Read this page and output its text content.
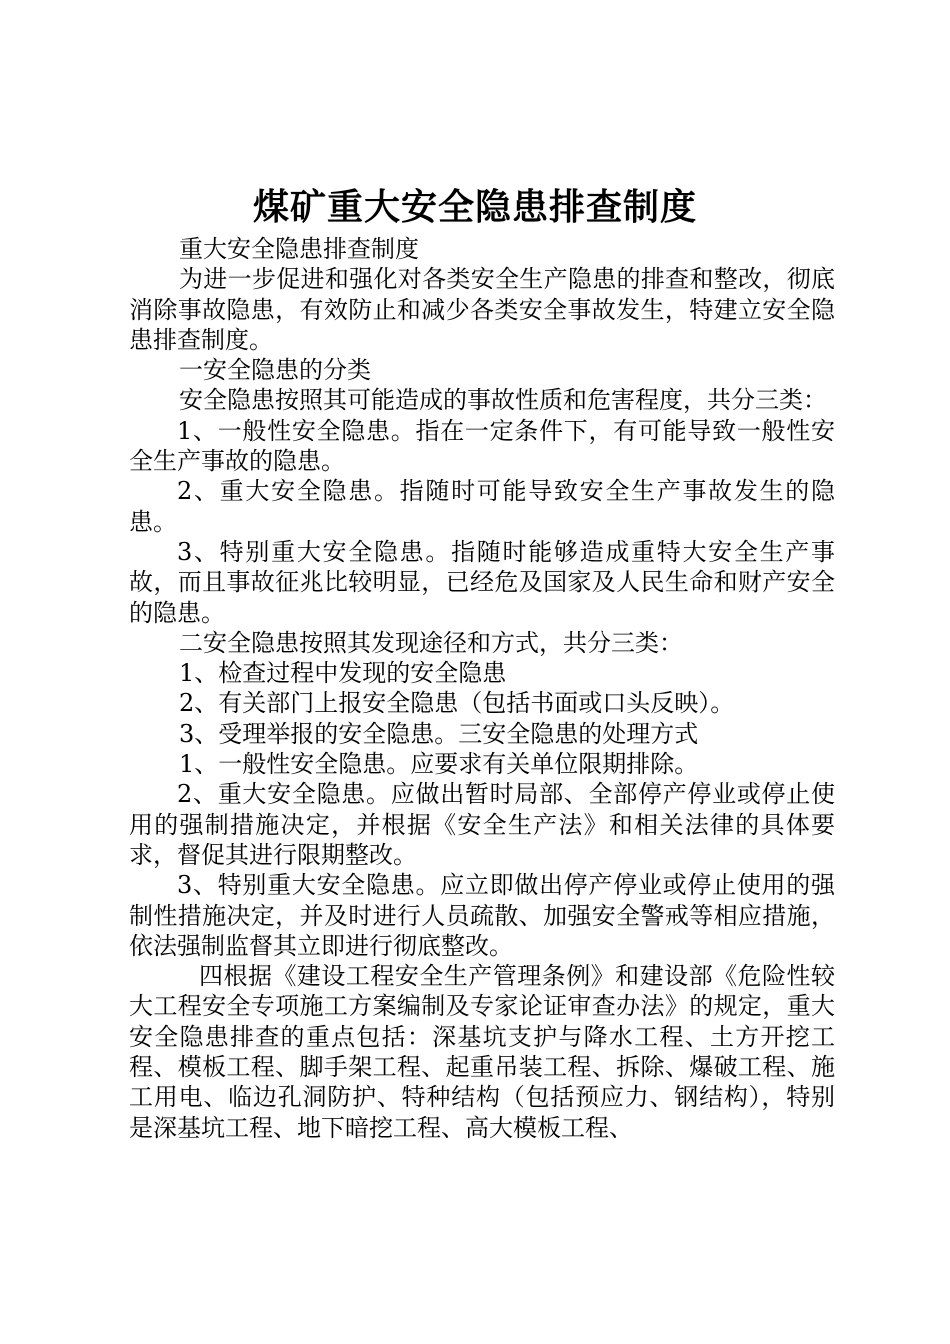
煤矿重大安全隐患排查制度

重大安全隐患排查制度

为进一步促进和强化对各类安全生产隐患的排查和整改，彻底消除事故隐患，有效防止和减少各类安全事故发生，特建立安全隐患排查制度。

一安全隐患的分类

安全隐患按照其可能造成的事故性质和危害程度，共分三类：

1、一般性安全隐患。指在一定条件下，有可能导致一般性安全生产事故的隐患。

2、重大安全隐患。指随时可能导致安全生产事故发生的隐患。

3、特别重大安全隐患。指随时能够造成重特大安全生产事故，而且事故征兆比较明显，已经危及国家及人民生命和财产安全的隐患。

二安全隐患按照其发现途径和方式，共分三类：

1、检查过程中发现的安全隐患

2、有关部门上报安全隐患（包括书面或口头反映）。

3、受理举报的安全隐患。三安全隐患的处理方式

1、一般性安全隐患。应要求有关单位限期排除。

2、重大安全隐患。应做出暂时局部、全部停产停业或停止使用的强制措施决定，并根据《安全生产法》和相关法律的具体要求，督促其进行限期整改。

3、特别重大安全隐患。应立即做出停产停业或停止使用的强制性措施决定，并及时进行人员疏散、加强安全警戒等相应措施，依法强制监督其立即进行彻底整改。

四根据《建设工程安全生产管理条例》和建设部《危险性较大工程安全专项施工方案编制及专家论证审查办法》的规定，重大安全隐患排查的重点包括：深基坑支护与降水工程、土方开挖工程、模板工程、脚手架工程、起重吊装工程、拆除、爆破工程、施工用电、临边孔洞防护、特种结构（包括预应力、钢结构），特别是深基坑工程、地下暗挖工程、高大模板工程、
